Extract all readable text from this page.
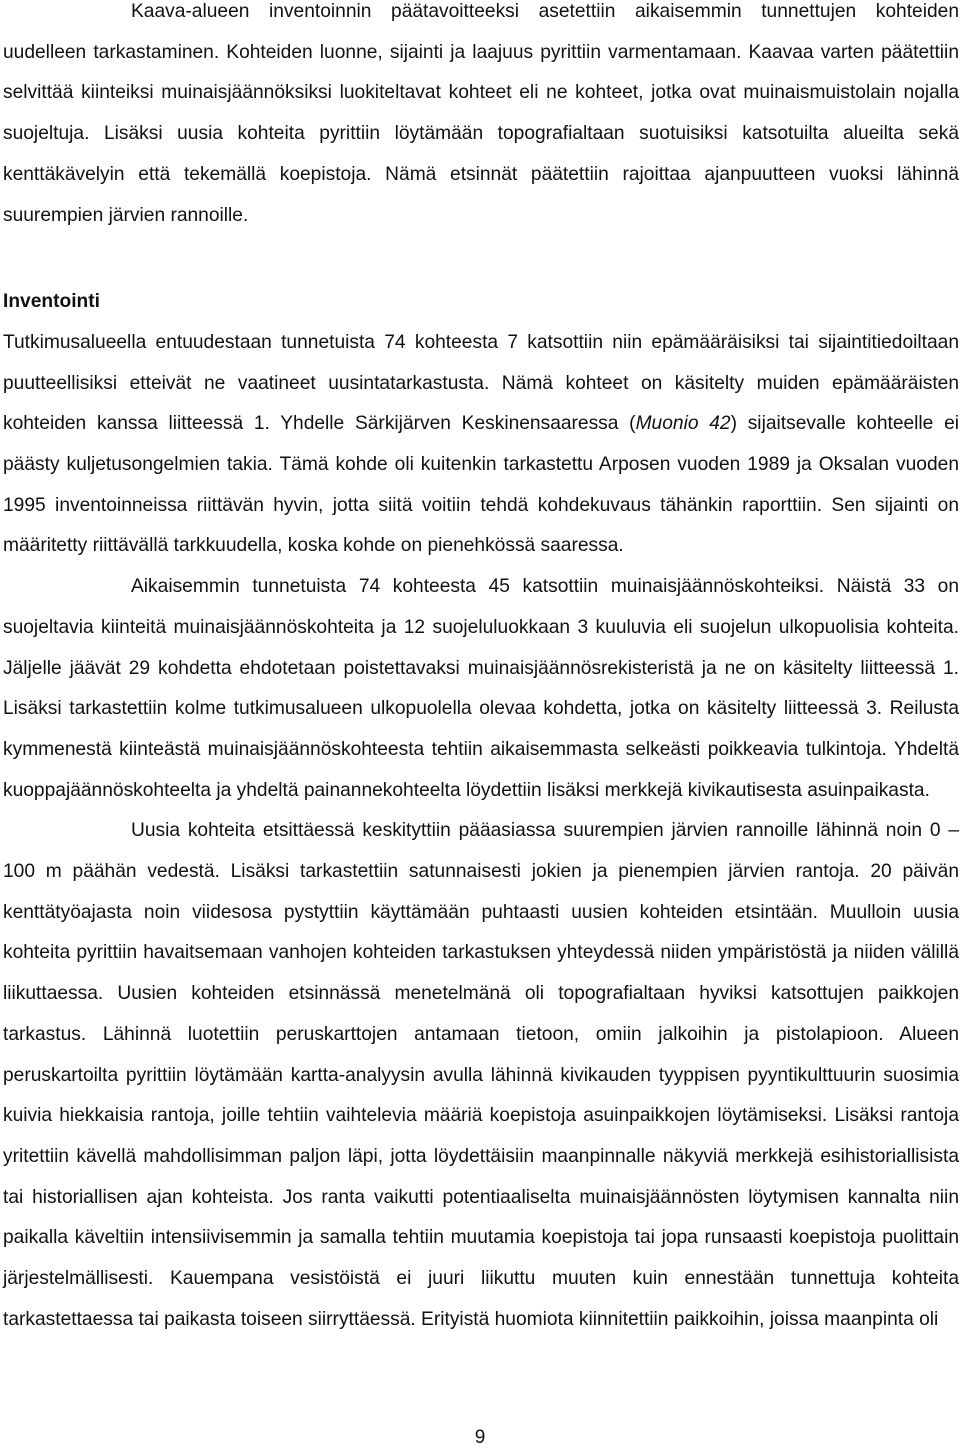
Kaava-alueen inventoinnin päätavoitteeksi asetettiin aikaisemmin tunnettujen kohteiden uudelleen tarkastaminen. Kohteiden luonne, sijainti ja laajuus pyrittiin varmentamaan. Kaavaa varten päätettiin selvittää kiinteiksi muinaisjäännöksiksi luokiteltavat kohteet eli ne kohteet, jotka ovat muinaismuistolain nojalla suojeltuja. Lisäksi uusia kohteita pyrittiin löytämään topografialtaan suotuisiksi katsotuilta alueilta sekä kenttäkävelyin että tekemällä koepistoja. Nämä etsinnät päätettiin rajoittaa ajanpuutteen vuoksi lähinnä suurempien järvien rannoille.

Inventointi

Tutkimusalueella entuudestaan tunnetuista 74 kohteesta 7 katsottiin niin epämääräisiksi tai sijaintitiedoiltaan puutteellisiksi etteivät ne vaatineet uusintatarkastusta. Nämä kohteet on käsitelty muiden epämääräisten kohteiden kanssa liitteessä 1. Yhdelle Särkijärven Keskinensaaressa (Muonio 42) sijaitsevalle kohteelle ei päästy kuljetusongelmien takia. Tämä kohde oli kuitenkin tarkastettu Arposen vuoden 1989 ja Oksalan vuoden 1995 inventoinneissa riittävän hyvin, jotta siitä voitiin tehdä kohdekuvaus tähänkin raporttiin. Sen sijainti on määritetty riittävällä tarkkuudella, koska kohde on pienehkössä saaressa.

Aikaisemmin tunnetuista 74 kohteesta 45 katsottiin muinaisjäännöskohteiksi. Näistä 33 on suojeltavia kiinteitä muinaisjäännöskohteita ja 12 suojeluluokkaan 3 kuuluvia eli suojelun ulkopuolisia kohteita. Jäljelle jäävät 29 kohdetta ehdotetaan poistettavaksi muinaisjäännösrekisteristä ja ne on käsitelty liitteessä 1. Lisäksi tarkastettiin kolme tutkimusalueen ulkopuolella olevaa kohdetta, jotka on käsitelty liitteessä 3. Reilusta kymmenestä kiinteästä muinaisjäännöskohteesta tehtiin aikaisemmasta selkeästi poikkeavia tulkintoja. Yhdeltä kuoppajäännöskohteelta ja yhdeltä painannekohteelta löydettiin lisäksi merkkejä kivikautisesta asuinpaikasta.

Uusia kohteita etsittäessä keskityttiin pääasiassa suurempien järvien rannoille lähinnä noin 0 – 100 m päähän vedestä. Lisäksi tarkastettiin satunnaisesti jokien ja pienempien järvien rantoja. 20 päivän kenttätyöajasta noin viidesosa pystyttiin käyttämään puhtaasti uusien kohteiden etsintään. Muulloin uusia kohteita pyrittiin havaitsemaan vanhojen kohteiden tarkastuksen yhteydessä niiden ympäristöstä ja niiden välillä liikuttaessa. Uusien kohteiden etsinnässä menetelmänä oli topografialtaan hyviksi katsottujen paikkojen tarkastus. Lähinnä luotettiin peruskarttojen antamaan tietoon, omiin jalkoihin ja pistolapioon. Alueen peruskartoilta pyrittiin löytämään kartta-analyysin avulla lähinnä kivikauden tyyppisen pyyntikulttuurin suosimia kuivia hiekkaisia rantoja, joille tehtiin vaihtelevia määriä koepistoja asuinpaikkojen löytämiseksi. Lisäksi rantoja yritettiin kävellä mahdollisimman paljon läpi, jotta löydettäisiin maanpinnalle näkyviä merkkejä esihistoriallisista tai historiallisen ajan kohteista. Jos ranta vaikutti potentiaaliselta muinaisjäännösten löytymisen kannalta niin paikalla käveltiin intensiivisemmin ja samalla tehtiin muutamia koepistoja tai jopa runsaasti koepistoja puolittain järjestelmällisesti. Kauempana vesistöistä ei juuri liikuttu muuten kuin ennestään tunnettuja kohteita tarkastettaessa tai paikasta toiseen siirryttäessä. Erityistä huomiota kiinnitettiin paikkoihin, joissa maanpinta oli

9
